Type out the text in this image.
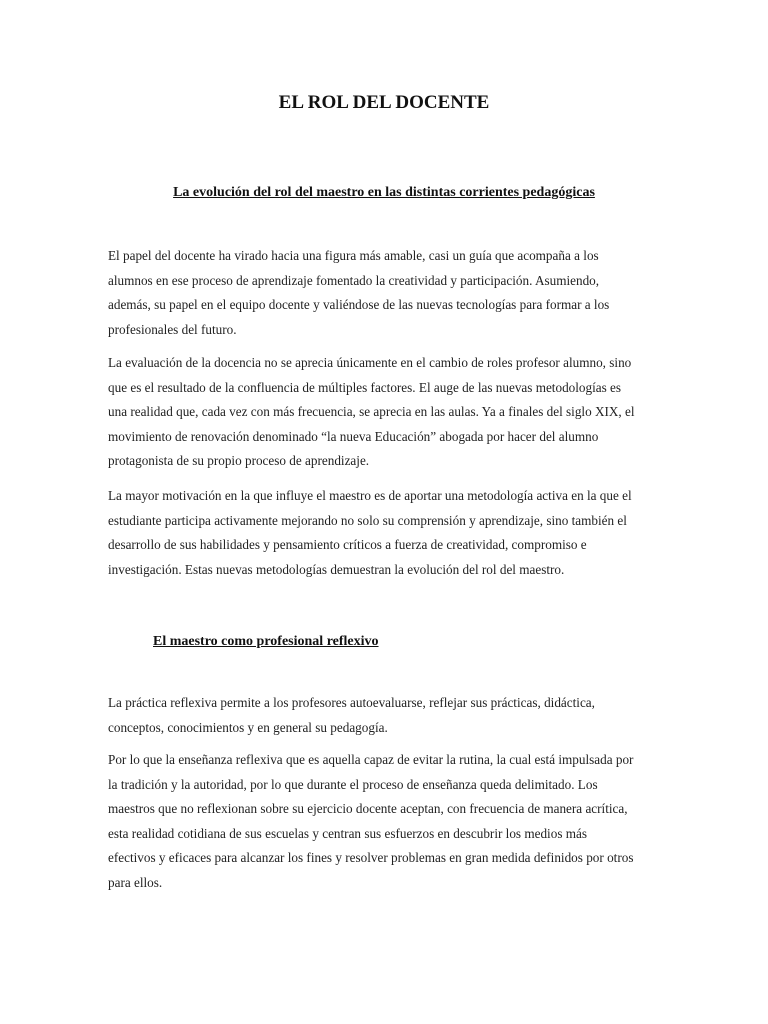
EL ROL DEL DOCENTE
La evolución del rol del maestro en las distintas corrientes pedagógicas

El papel del docente ha virado hacia una figura más amable, casi un guía que acompaña a los
alumnos en ese proceso de aprendizaje fomentado la creatividad y participación. Asumiendo,
además, su papel en el equipo docente y valiéndose de las nuevas tecnologías para formar a los
profesionales del futuro.

La evaluación de la docencia no se aprecia únicamente en el cambio de roles profesor alumno, sino
que es el resultado de la confluencia de múltiples factores. El auge de las nuevas metodologías es
una realidad que, cada vez con más frecuencia, se aprecia en las aulas. Ya a finales del siglo XIX, el
movimiento de renovación denominado “la nueva Educación” abogada por hacer del alumno
protagonista de su propio proceso de aprendizaje.

La mayor motivación en la que influye el maestro es de aportar una metodología activa en la que el
estudiante participa activamente mejorando no solo su comprensión y aprendizaje, sino también el
desarrollo de sus habilidades y pensamiento críticos a fuerza de creatividad, compromiso e
investigación. Estas nuevas metodologías demuestran la evolución del rol del maestro.

El maestro como profesional reflexivo

La práctica reflexiva permite a los profesores autoevaluarse, reflejar sus prácticas, didáctica,
conceptos, conocimientos y en general su pedagogía.

Por lo que la enseñanza reflexiva que es aquella capaz de evitar la rutina, la cual está impulsada por
la tradición y la autoridad, por lo que durante el proceso de enseñanza queda delimitado. Los
maestros que no reflexionan sobre su ejercicio docente aceptan, con frecuencia de manera acrítica,
esta realidad cotidiana de sus escuelas y centran sus esfuerzos en descubrir los medios más
efectivos y eficaces para alcanzar los fines y resolver problemas en gran medida definidos por otros
para ellos.
